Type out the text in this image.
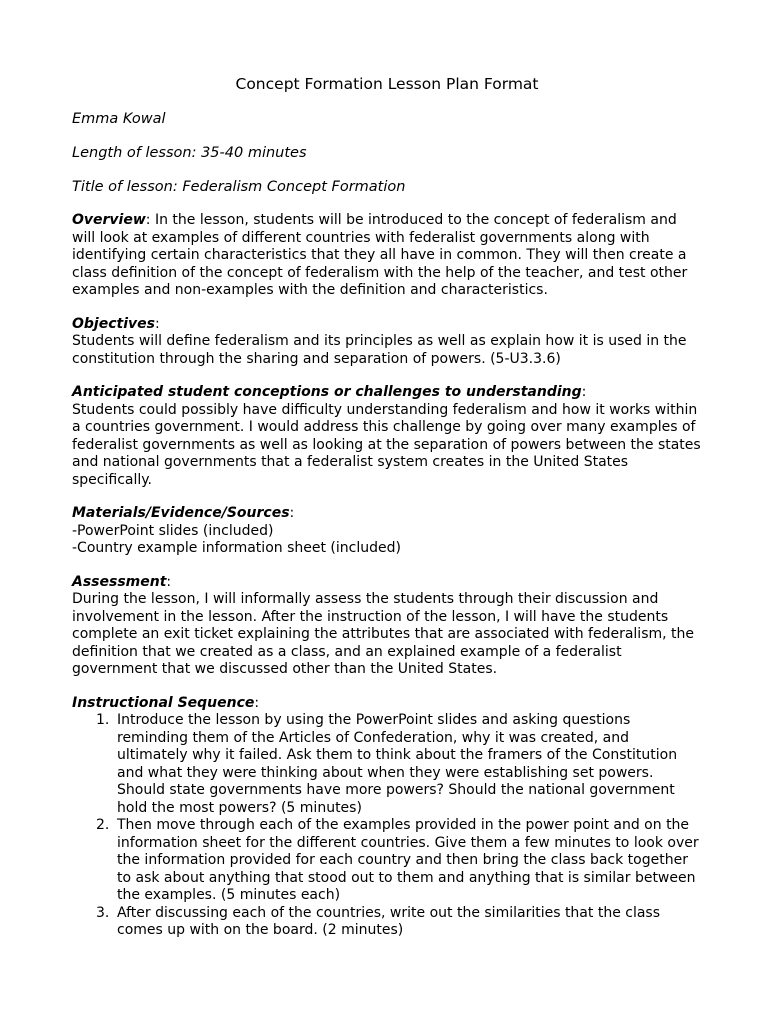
Concept Formation Lesson Plan Format
Emma Kowal
Length of lesson: 35-40 minutes
Title of lesson: Federalism Concept Formation

Overview: In the lesson, students will be introduced to the concept of federalism and will look at examples of different countries with federalist governments along with identifying certain characteristics that they all have in common. They will then create a class definition of the concept of federalism with the help of the teacher, and test other examples and non-examples with the definition and characteristics.

Objectives:

Students will define federalism and its principles as well as explain how it is used in the constitution through the sharing and separation of powers. (5-U3.3.6)

Anticipated student conceptions or challenges to understanding:

Students could possibly have difficulty understanding federalism and how it works within a countries government. I would address this challenge by going over many examples of federalist governments as well as looking at the separation of powers between the states and national governments that a federalist system creates in the United States specifically.

Materials/Evidence/Sources:
-PowerPoint slides (included)
-Country example information sheet (included)
Assessment:

During the lesson, I will informally assess the students through their discussion and involvement in the lesson. After the instruction of the lesson, I will have the students complete an exit ticket explaining the attributes that are associated with federalism, the definition that we created as a class, and an explained example of a federalist government that we discussed other than the United States.

Instructional Sequence:
1. Introduce the lesson by using the PowerPoint slides and asking questions reminding them of the Articles of Confederation, why it was created, and ultimately why it failed. Ask them to think about the framers of the Constitution and what they were thinking about when they were establishing set powers. Should state governments have more powers? Should the national government hold the most powers? (5 minutes)
2. Then move through each of the examples provided in the power point and on the information sheet for the different countries. Give them a few minutes to look over the information provided for each country and then bring the class back together to ask about anything that stood out to them and anything that is similar between the examples. (5 minutes each)
3. After discussing each of the countries, write out the similarities that the class comes up with on the board. (2 minutes)
